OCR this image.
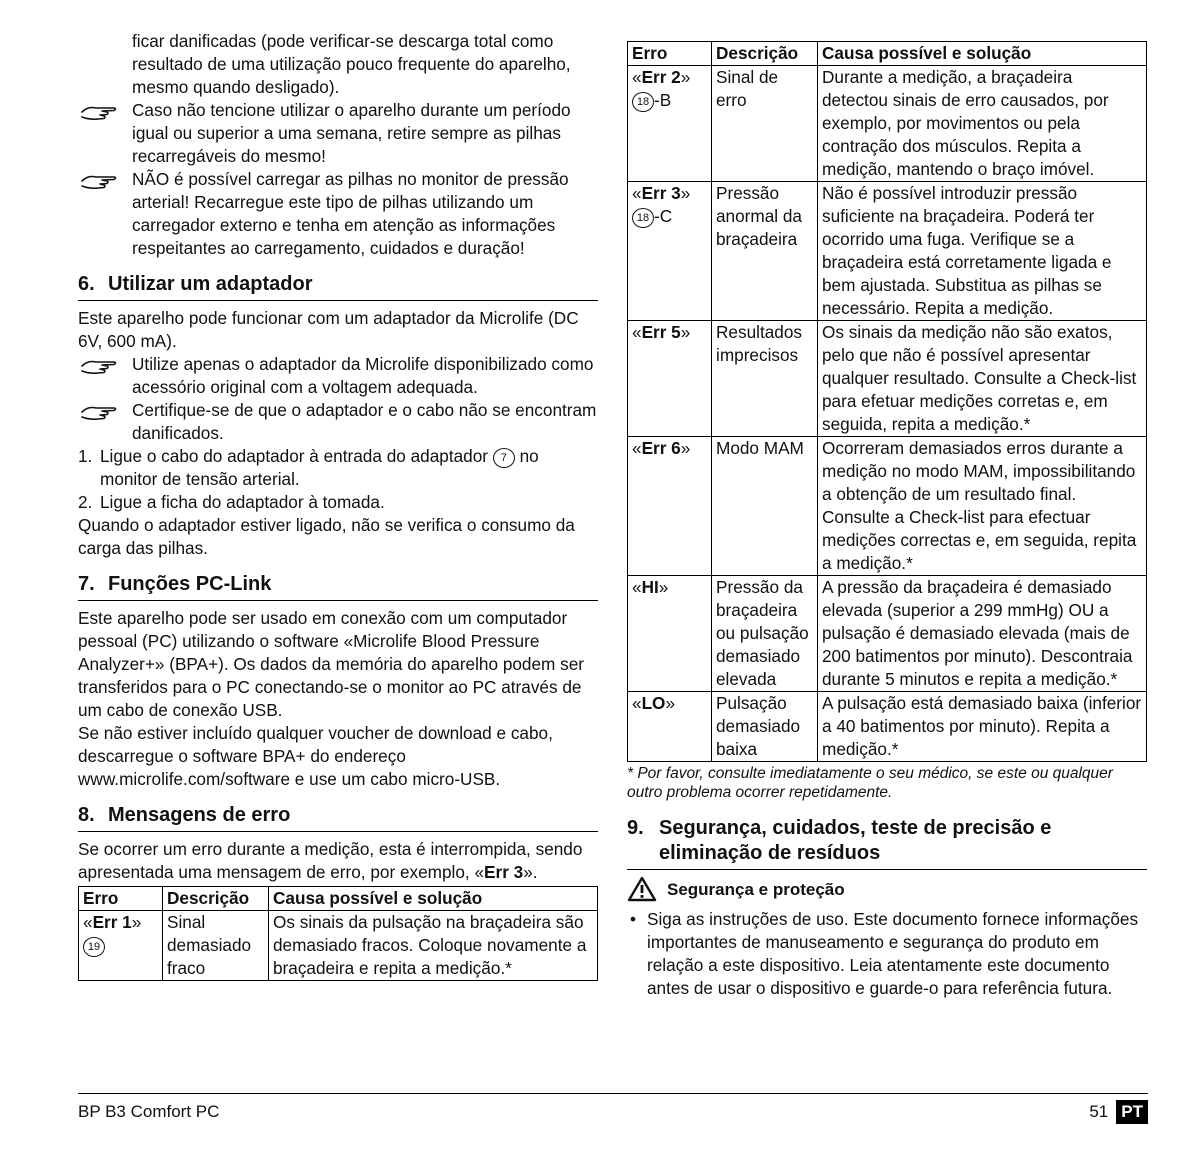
ficar danificadas (pode verificar-se descarga total como resultado de uma utilização pouco frequente do aparelho, mesmo quando desligado).

Caso não tencione utilizar o aparelho durante um período igual ou superior a uma semana, retire sempre as pilhas recarregáveis do mesmo!

NÃO é possível carregar as pilhas no monitor de pressão arterial! Recarregue este tipo de pilhas utilizando um carregador externo e tenha em atenção as informações respeitantes ao carregamento, cuidados e duração!

6. Utilizar um adaptador

Este aparelho pode funcionar com um adaptador da Microlife (DC 6V, 600 mA).

Utilize apenas o adaptador da Microlife disponibilizado como acessório original com a voltagem adequada.

Certifique-se de que o adaptador e o cabo não se encontram danificados.

1. Ligue o cabo do adaptador à entrada do adaptador 7 no monitor de tensão arterial.

2. Ligue a ficha do adaptador à tomada.

Quando o adaptador estiver ligado, não se verifica o consumo da carga das pilhas.

7. Funções PC-Link

Este aparelho pode ser usado em conexão com um computador pessoal (PC) utilizando o software «Microlife Blood Pressure Analyzer+» (BPA+). Os dados da memória do aparelho podem ser transferidos para o PC conectando-se o monitor ao PC através de um cabo de conexão USB.

Se não estiver incluído qualquer voucher de download e cabo, descarregue o software BPA+ do endereço www.microlife.com/software e use um cabo micro-USB.

8. Mensagens de erro

Se ocorrer um erro durante a medição, esta é interrompida, sendo apresentada uma mensagem de erro, por exemplo, «Err 3».

Erro	Descrição	Causa possível e solução
«Err 1»
19	Sinal demasiado fraco	Os sinais da pulsação na braçadeira são demasiado fracos. Coloque novamente a braçadeira e repita a medição.*
Erro	Descrição	Causa possível e solução
«Err 2»
18 -B	Sinal de erro	Durante a medição, a braçadeira detectou sinais de erro causados, por exemplo, por movimentos ou pela contração dos músculos. Repita a medição, mantendo o braço imóvel.
«Err 3»
18 -C	Pressão anormal da braçadeira	Não é possível introduzir pressão suficiente na braçadeira. Poderá ter ocorrido uma fuga. Verifique se a braçadeira está corretamente ligada e bem ajustada. Substitua as pilhas se necessário. Repita a medição.
«Err 5»	Resultados imprecisos	Os sinais da medição não são exatos, pelo que não é possível apresentar qualquer resultado. Consulte a Check-list para efetuar medições corretas e, em seguida, repita a medição.*
«Err 6»	Modo MAM	Ocorreram demasiados erros durante a medição no modo MAM, impossibilitando a obtenção de um resultado final. Consulte a Check-list para efectuar medições correctas e, em seguida, repita a medição.*
«HI»	Pressão da braçadeira ou pulsação demasiado elevada	A pressão da braçadeira é demasiado elevada (superior a 299 mmHg) OU a pulsação é demasiado elevada (mais de 200 batimentos por minuto). Descontraia durante 5 minutos e repita a medição.*
«LO»	Pulsação demasiado baixa	A pulsação está demasiado baixa (inferior a 40 batimentos por minuto). Repita a medição.*

* Por favor, consulte imediatamente o seu médico, se este ou qualquer outro problema ocorrer repetidamente.

9. Segurança, cuidados, teste de precisão e eliminação de resíduos
Segurança e proteção
• Siga as instruções de uso. Este documento fornece informações importantes de manuseamento e segurança do produto em relação a este dispositivo. Leia atentamente este documento antes de usar o dispositivo e guarde-o para referência futura.

BP B3 Comfort PC	51 PT
